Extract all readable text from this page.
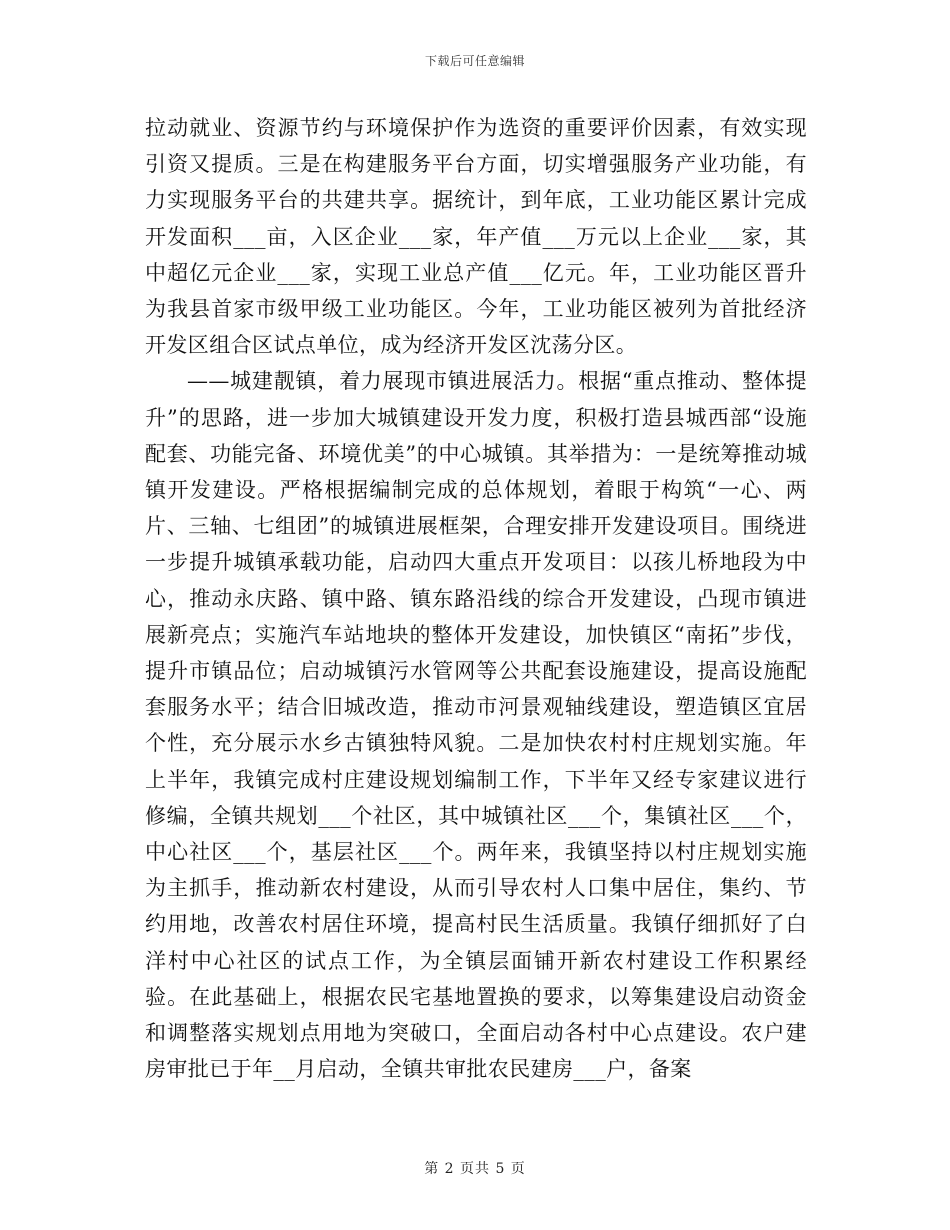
下载后可任意编辑

拉动就业、资源节约与环境保护作为选资的重要评价因素，有效实现引资又提质。三是在构建服务平台方面，切实增强服务产业功能，有力实现服务平台的共建共享。据统计，到年底，工业功能区累计完成开发面积___亩，入区企业___家，年产值___万元以上企业___家，其中超亿元企业___家，实现工业总产值___亿元。年，工业功能区晋升为我县首家市级甲级工业功能区。今年，工业功能区被列为首批经济开发区组合区试点单位，成为经济开发区沈荡分区。

——城建靓镇，着力展现市镇进展活力。根据“重点推动、整体提升”的思路，进一步加大城镇建设开发力度，积极打造县城西部“设施配套、功能完备、环境优美”的中心城镇。其举措为：一是统筹推动城镇开发建设。严格根据编制完成的总体规划，着眼于构筑“一心、两片、三轴、七组团”的城镇进展框架，合理安排开发建设项目。围绕进一步提升城镇承载功能，启动四大重点开发项目：以孩儿桥地段为中心，推动永庆路、镇中路、镇东路沿线的综合开发建设，凸现市镇进展新亮点；实施汽车站地块的整体开发建设，加快镇区“南拓”步伐，提升市镇品位；启动城镇污水管网等公共配套设施建设，提高设施配套服务水平；结合旧城改造，推动市河景观轴线建设，塑造镇区宜居个性，充分展示水乡古镇独特风貌。二是加快农村村庄规划实施。年上半年，我镇完成村庄建设规划编制工作，下半年又经专家建议进行修编，全镇共规划___个社区，其中城镇社区___个，集镇社区___个，中心社区___个，基层社区___个。两年来，我镇坚持以村庄规划实施为主抓手，推动新农村建设，从而引导农村人口集中居住，集约、节约用地，改善农村居住环境，提高村民生活质量。我镇仔细抓好了白洋村中心社区的试点工作，为全镇层面铺开新农村建设工作积累经验。在此基础上，根据农民宅基地置换的要求，以筹集建设启动资金和调整落实规划点用地为突破口，全面启动各村中心点建设。农户建房审批已于年__月启动，全镇共审批农民建房___户，备案

第 2 页共 5 页
